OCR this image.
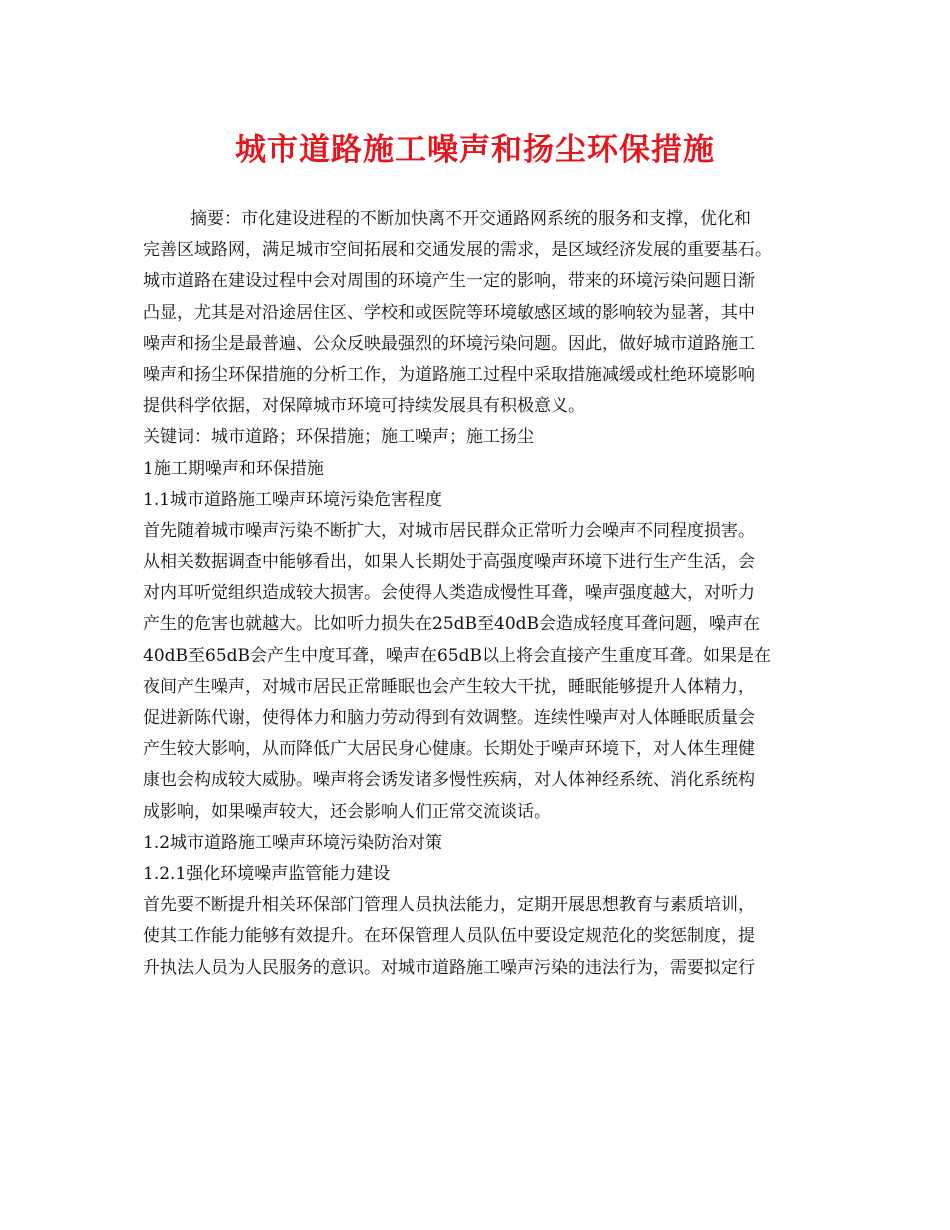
城市道路施工噪声和扬尘环保措施
摘要：市化建设进程的不断加快离不开交通路网系统的服务和支撑，优化和
完善区域路网，满足城市空间拓展和交通发展的需求，是区域经济发展的重要基石。
城市道路在建设过程中会对周围的环境产生一定的影响，带来的环境污染问题日渐
凸显，尤其是对沿途居住区、学校和或医院等环境敏感区域的影响较为显著，其中
噪声和扬尘是最普遍、公众反映最强烈的环境污染问题。因此，做好城市道路施工
噪声和扬尘环保措施的分析工作，为道路施工过程中采取措施减缓或杜绝环境影响
提供科学依据，对保障城市环境可持续发展具有积极意义。
关键词：城市道路；环保措施；施工噪声；施工扬尘
1施工期噪声和环保措施
1.1城市道路施工噪声环境污染危害程度
首先随着城市噪声污染不断扩大，对城市居民群众正常听力会噪声不同程度损害。
从相关数据调查中能够看出，如果人长期处于高强度噪声环境下进行生产生活，会
对内耳听觉组织造成较大损害。会使得人类造成慢性耳聋，噪声强度越大，对听力
产生的危害也就越大。比如听力损失在25dB至40dB会造成轻度耳聋问题，噪声在
40dB至65dB会产生中度耳聋，噪声在65dB以上将会直接产生重度耳聋。如果是在
夜间产生噪声，对城市居民正常睡眠也会产生较大干扰，睡眠能够提升人体精力，
促进新陈代谢，使得体力和脑力劳动得到有效调整。连续性噪声对人体睡眠质量会
产生较大影响，从而降低广大居民身心健康。长期处于噪声环境下，对人体生理健
康也会构成较大威胁。噪声将会诱发诸多慢性疾病，对人体神经系统、消化系统构
成影响，如果噪声较大，还会影响人们正常交流谈话。
1.2城市道路施工噪声环境污染防治对策
1.2.1强化环境噪声监管能力建设
首先要不断提升相关环保部门管理人员执法能力，定期开展思想教育与素质培训，
使其工作能力能够有效提升。在环保管理人员队伍中要设定规范化的奖惩制度，提
升执法人员为人民服务的意识。对城市道路施工噪声污染的违法行为，需要拟定行
